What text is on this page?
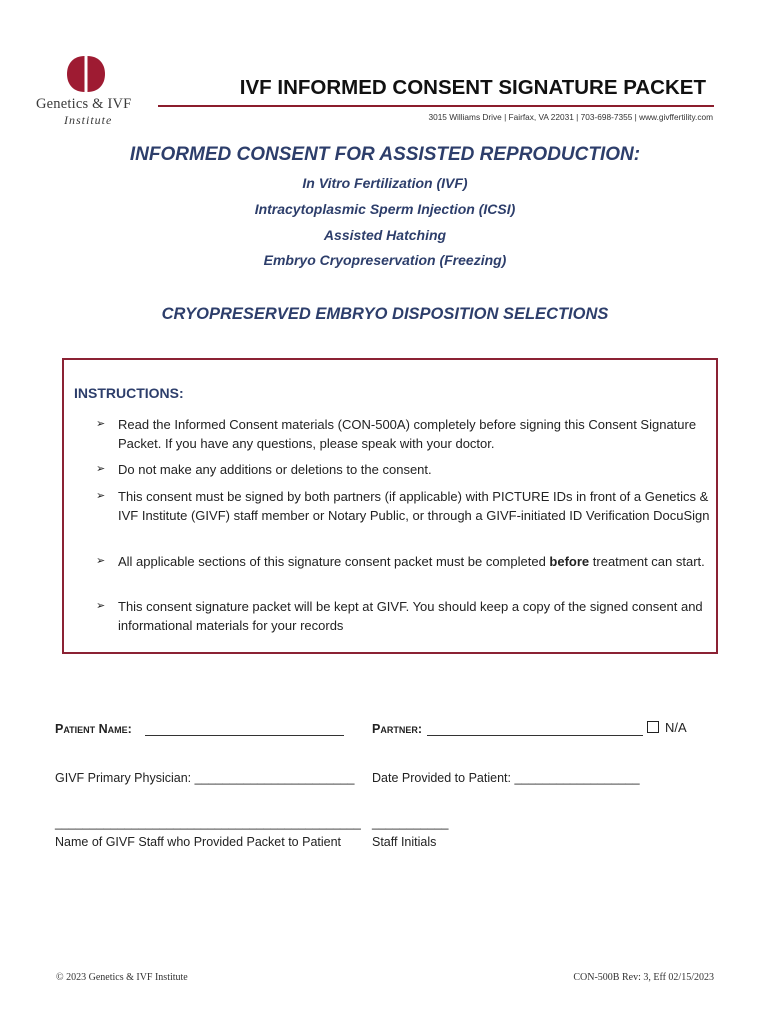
Genetics & IVF
Institute
IVF INFORMED CONSENT SIGNATURE PACKET
3015 Williams Drive | Fairfax, VA 22031 | 703-698-7355 | www.givffertility.com
INFORMED CONSENT FOR ASSISTED REPRODUCTION:
In Vitro Fertilization (IVF)
Intracytoplasmic Sperm Injection (ICSI)
Assisted Hatching
Embryo Cryopreservation (Freezing)
CRYOPRESERVED EMBRYO DISPOSITION SELECTIONS
INSTRUCTIONS:
➢ Read the Informed Consent materials (CON-500A) completely before signing this Consent Signature Packet. If you have any questions, please speak with your doctor.
➢ Do not make any additions or deletions to the consent.
➢ This consent must be signed by both partners (if applicable) with PICTURE IDs in front of a Genetics & IVF Institute (GIVF) staff member or Notary Public, or through a GIVF-initiated ID Verification DocuSign
➢ All applicable sections of this signature consent packet must be completed before treatment can start.
➢ This consent signature packet will be kept at GIVF. You should keep a copy of the signed consent and informational materials for your records
Patient Name:	Partner:	N/A
GIVF Primary Physician: _______________________ Date Provided to Patient: __________________
____________________________________________
Name of GIVF Staff who Provided Packet to Patient
___________
Staff Initials
© 2023 Genetics & IVF Institute	CON-500B Rev: 3, Eff 02/15/2023
